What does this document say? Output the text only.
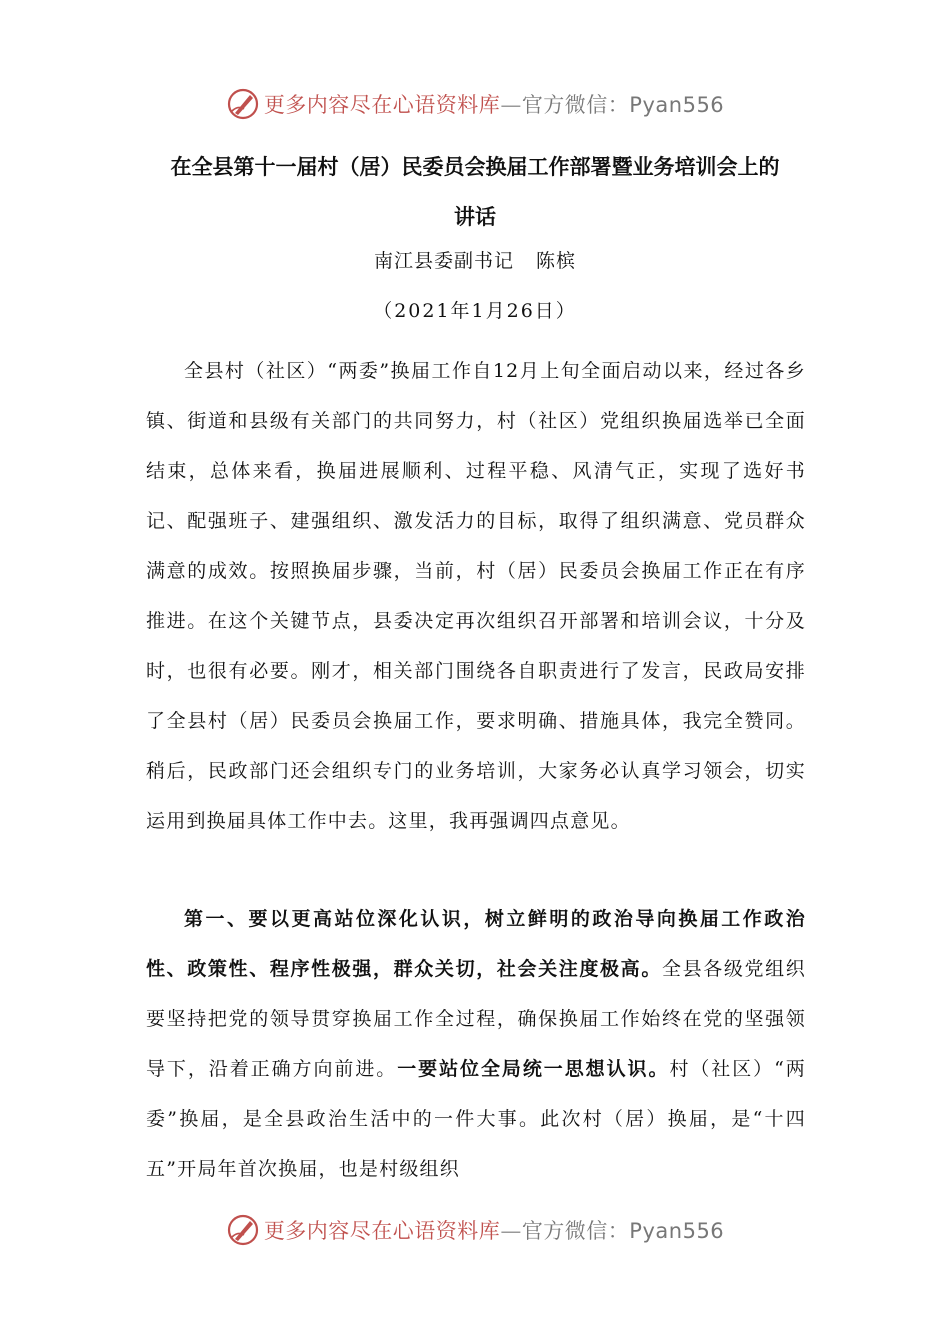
更多内容尽在心语资料库—官方微信：Pyan556
在全县第十一届村（居）民委员会换届工作部署暨业务培训会上的
讲话
南江县委副书记 陈槟
（2021年1月26日）

全县村（社区）“两委”换届工作自12月上旬全面启动以来，经过各乡镇、街道和县级有关部门的共同努力，村（社区）党组织换届选举已全面结束，总体来看，换届进展顺利、过程平稳、风清气正，实现了选好书记、配强班子、建强组织、激发活力的目标，取得了组织满意、党员群众满意的成效。按照换届步骤，当前，村（居）民委员会换届工作正在有序推进。在这个关键节点，县委决定再次组织召开部署和培训会议，十分及时，也很有必要。刚才，相关部门围绕各自职责进行了发言，民政局安排了全县村（居）民委员会换届工作，要求明确、措施具体，我完全赞同。稍后，民政部门还会组织专门的业务培训，大家务必认真学习领会，切实运用到换届具体工作中去。这里，我再强调四点意见。

第一、要以更高站位深化认识，树立鲜明的政治导向换届工作政治性、政策性、程序性极强，群众关切，社会关注度极高。全县各级党组织要坚持把党的领导贯穿换届工作全过程，确保换届工作始终在党的坚强领导下，沿着正确方向前进。一要站位全局统一思想认识。村（社区）“两委”换届，是全县政治生活中的一件大事。此次村（居）换届，是“十四五”开局年首次换届，也是村级组织

更多内容尽在心语资料库—官方微信：Pyan556
